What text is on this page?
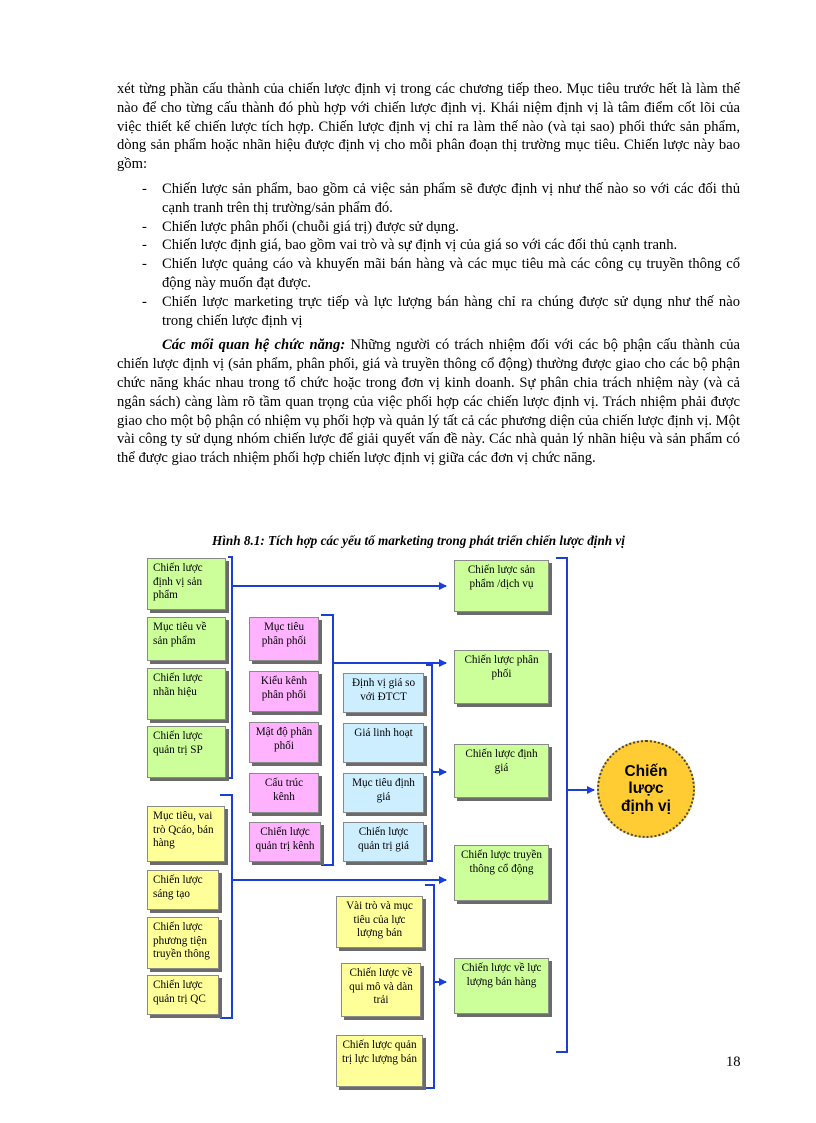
xét từng phần cấu thành của chiến lược định vị trong các chương tiếp theo. Mục tiêu trước hết là làm thế nào để cho từng cấu thành đó phù hợp với chiến lược định vị. Khái niệm định vị là tâm điểm cốt lõi của việc thiết kế chiến lược tích hợp. Chiến lược định vị chỉ ra làm thế nào (và tại sao) phối thức sản phẩm, dòng sản phẩm hoặc nhãn hiệu được định vị cho mỗi phân đoạn thị trường mục tiêu. Chiến lược này bao gồm:

- Chiến lược sản phẩm, bao gồm cả việc sản phẩm sẽ được định vị như thế nào so với các đối thủ cạnh tranh trên thị trường/sản phẩm đó.
- Chiến lược phân phối (chuỗi giá trị) được sử dụng.
- Chiến lược định giá, bao gồm vai trò và sự định vị của giá so với các đối thủ cạnh tranh.
- Chiến lược quảng cáo và khuyến mãi bán hàng và các mục tiêu mà các công cụ truyền thông cổ động này muốn đạt được.
- Chiến lược marketing trực tiếp và lực lượng bán hàng chỉ ra chúng được sử dụng như thế nào trong chiến lược định vị

Các mối quan hệ chức năng: Những người có trách nhiệm đối với các bộ phận cấu thành của chiến lược định vị (sản phẩm, phân phối, giá và truyền thông cổ động) thường được giao cho các bộ phận chức năng khác nhau trong tổ chức hoặc trong đơn vị kinh doanh. Sự phân chia trách nhiệm này (và cả ngân sách) càng làm rõ tầm quan trọng của việc phối hợp các chiến lược định vị. Trách nhiệm phải được giao cho một bộ phận có nhiệm vụ phối hợp và quản lý tất cả các phương diện của chiến lược định vị. Một vài công ty sử dụng nhóm chiến lược để giải quyết vấn đề này. Các nhà quản lý nhãn hiệu và sản phẩm có thể được giao trách nhiệm phối hợp chiến lược định vị giữa các đơn vị chức năng.

Hình 8.1: Tích hợp các yếu tố marketing trong phát triển chiến lược định vị
Chiến lược định vị sản phẩm
Mục tiêu về sản phẩm
Chiến lược nhãn hiệu
Chiến lược quản trị SP
Mục tiêu phân phối
Kiểu kênh phân phối
Mật độ phân phối
Cấu trúc kênh
Chiến lược quản trị kênh
Định vị giá so với ĐTCT
Giá linh hoạt
Mục tiêu định giá
Chiến lược quản trị giá
Mục tiêu, vai trò Qcáo, bán hàng
Chiến lược sáng tạo
Chiến lược phương tiện truyền thông
Chiến lược quản trị QC
Vài trò và mục tiêu của lực lượng bán
Chiến lược về qui mô và dàn trải
Chiến lược quản trị lực lượng bán
Chiến lược sản phẩm /dịch vụ
Chiến lược phân phối
Chiến lược định giá
Chiến lược truyền thông cổ động
Chiến lược về lực lượng bán hàng
Chiến lược định vị
18
